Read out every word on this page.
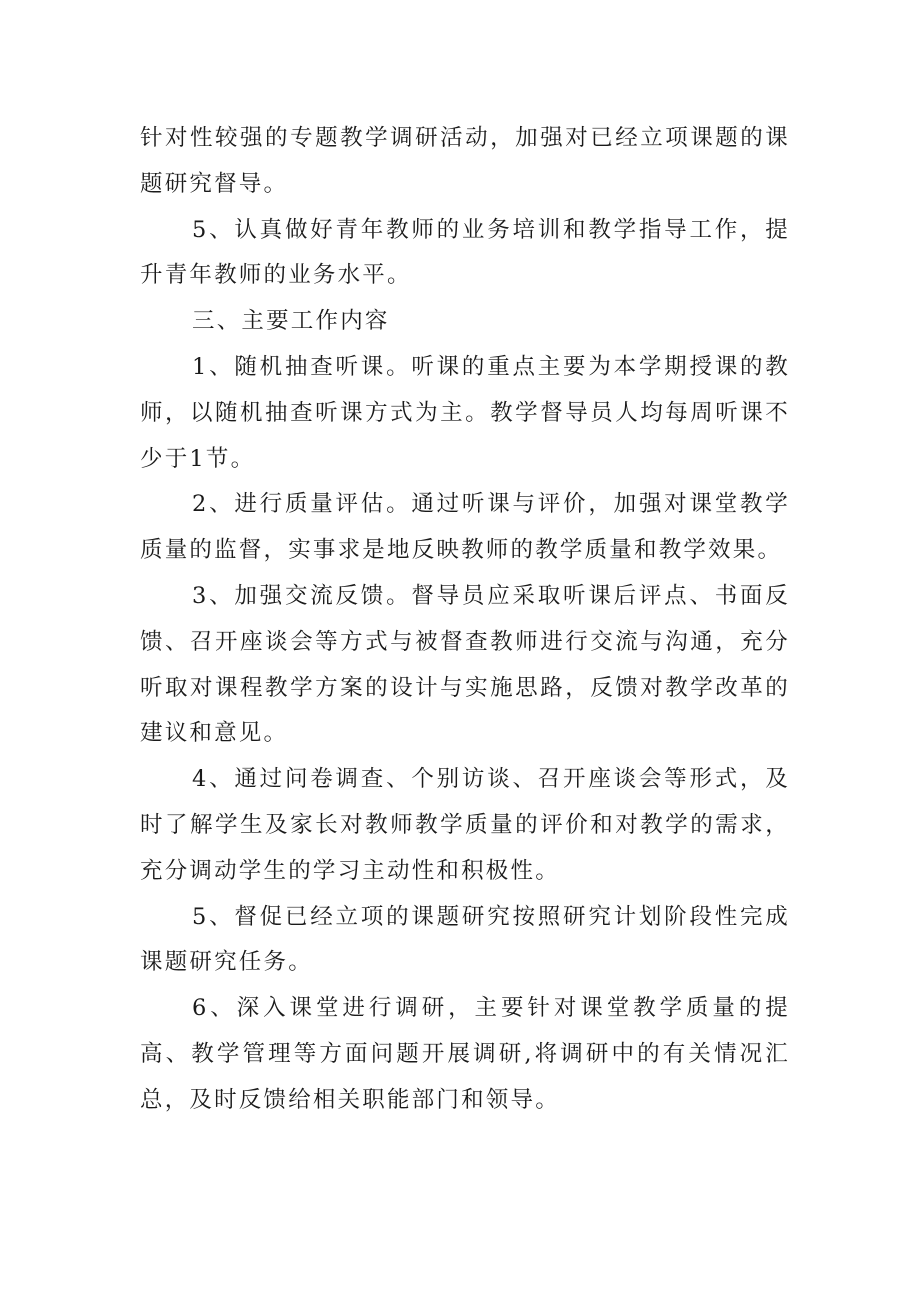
针对性较强的专题教学调研活动，加强对已经立项课题的课题研究督导。

5、认真做好青年教师的业务培训和教学指导工作，提升青年教师的业务水平。

三、主要工作内容

1、随机抽查听课。听课的重点主要为本学期授课的教师，以随机抽查听课方式为主。教学督导员人均每周听课不少于1节。

2、进行质量评估。通过听课与评价，加强对课堂教学质量的监督，实事求是地反映教师的教学质量和教学效果。

3、加强交流反馈。督导员应采取听课后评点、书面反馈、召开座谈会等方式与被督查教师进行交流与沟通，充分听取对课程教学方案的设计与实施思路，反馈对教学改革的建议和意见。

4、通过问卷调查、个别访谈、召开座谈会等形式，及时了解学生及家长对教师教学质量的评价和对教学的需求，充分调动学生的学习主动性和积极性。

5、督促已经立项的课题研究按照研究计划阶段性完成课题研究任务。

6、深入课堂进行调研，主要针对课堂教学质量的提高、教学管理等方面问题开展调研,将调研中的有关情况汇总，及时反馈给相关职能部门和领导。
